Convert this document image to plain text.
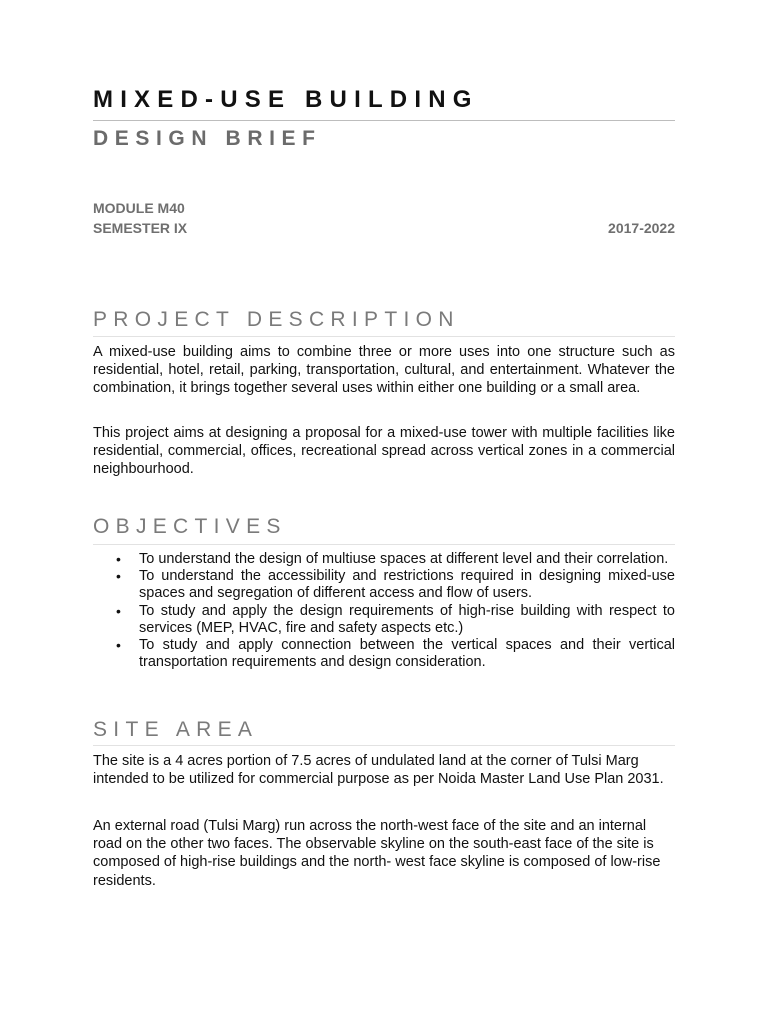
MIXED-USE BUILDING
DESIGN BRIEF
MODULE M40
SEMESTER IX	2017-2022
PROJECT DESCRIPTION

A mixed-use building aims to combine three or more uses into one structure such as residential, hotel, retail, parking, transportation, cultural, and entertainment. Whatever the combination, it brings together several uses within either one building or a small area.

This project aims at designing a proposal for a mixed-use tower with multiple facilities like residential, commercial, offices, recreational spread across vertical zones in a commercial neighbourhood.

OBJECTIVES
• To understand the design of multiuse spaces at different level and their correlation.
• To understand the accessibility and restrictions required in designing mixed-use spaces and segregation of different access and flow of users.
• To study and apply the design requirements of high-rise building with respect to services (MEP, HVAC, fire and safety aspects etc.)
• To study and apply connection between the vertical spaces and their vertical transportation requirements and design consideration.
SITE AREA

The site is a 4 acres portion of 7.5 acres of undulated land at the corner of Tulsi Marg intended to be utilized for commercial purpose as per Noida Master Land Use Plan 2031.

An external road (Tulsi Marg) run across the north-west face of the site and an internal road on the other two faces. The observable skyline on the south-east face of the site is composed of high-rise buildings and the north- west face skyline is composed of low-rise residents.
